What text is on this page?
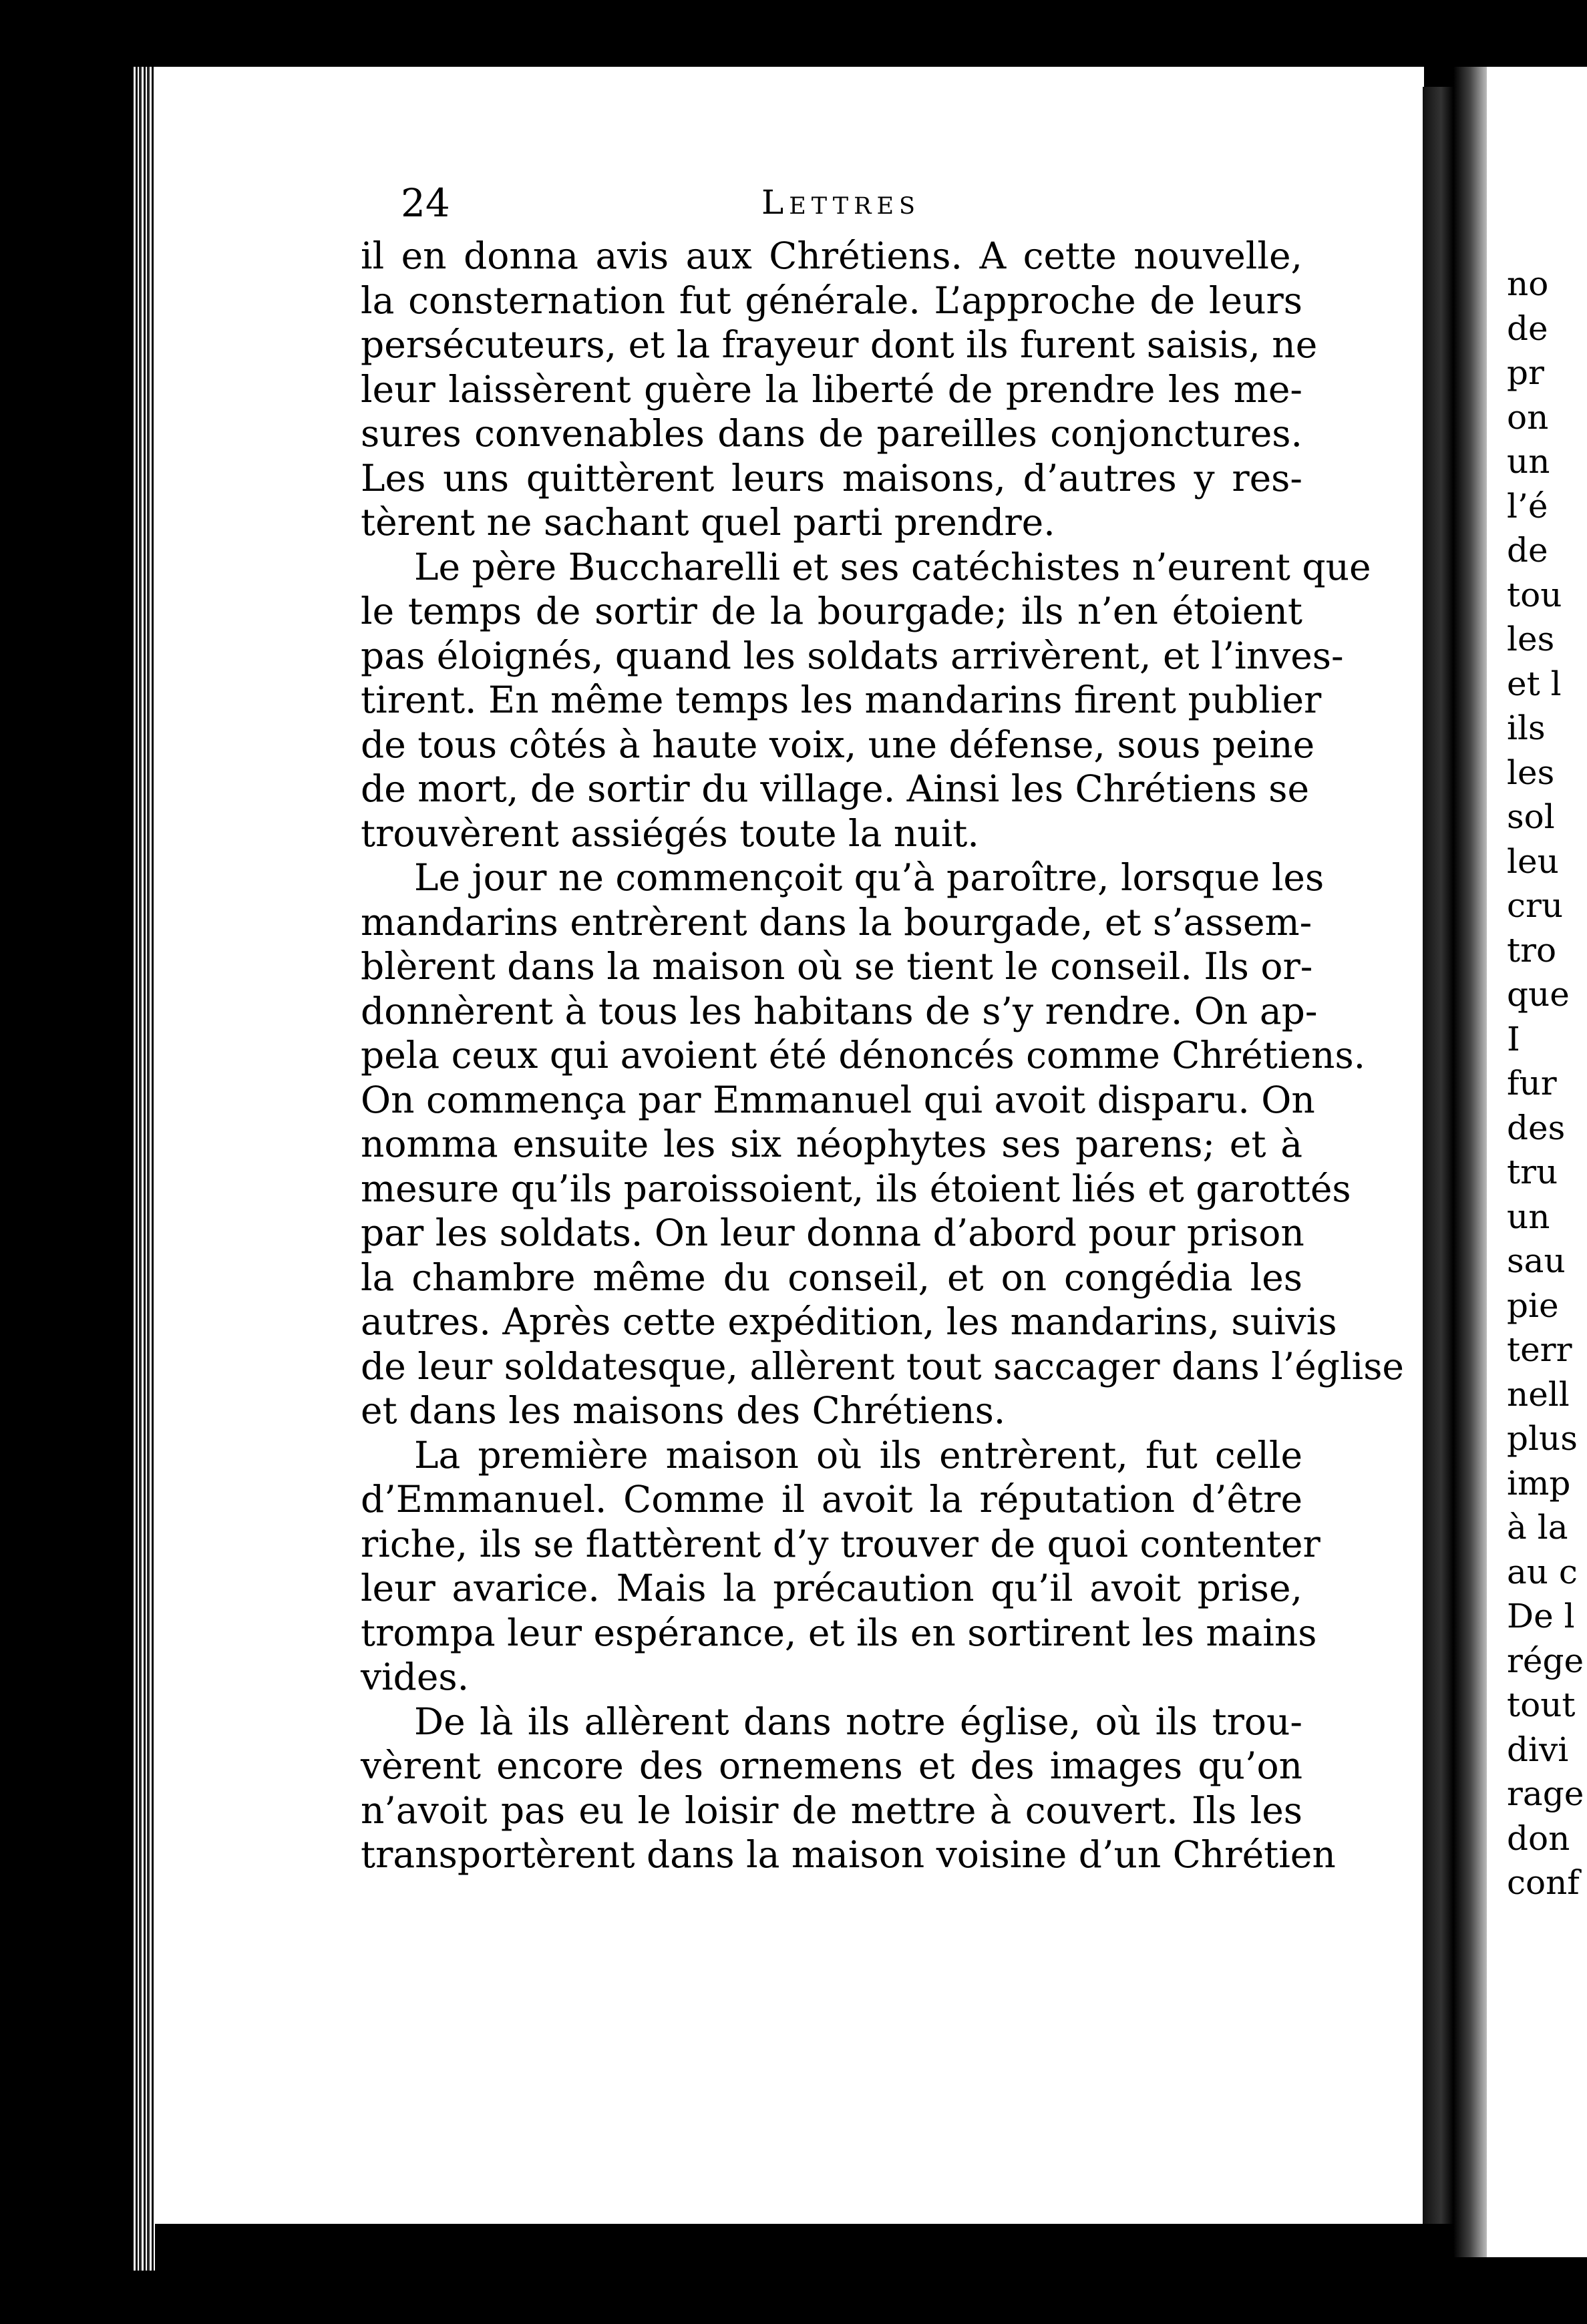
no
de
pr
on
un
l’é
de
tou
les
et l
ils
les
sol
leu
cru
tro
que
I
fur
des
tru
un
sau
pie
terr
nell
plus
imp
à la
au c
De l
rége
tout
divi
rage
don
conf
24	Lettres
il en donna avis aux Chrétiens. A cette nouvelle,
la consternation fut générale. L’approche de leurs
persécuteurs, et la frayeur dont ils furent saisis, ne
leur laissèrent guère la liberté de prendre les me-
sures convenables dans de pareilles conjonctures.
Les uns quittèrent leurs maisons, d’autres y res-
tèrent ne sachant quel parti prendre.
Le père Buccharelli et ses catéchistes n’eurent que
le temps de sortir de la bourgade; ils n’en étoient
pas éloignés, quand les soldats arrivèrent, et l’inves-
tirent. En même temps les mandarins firent publier
de tous côtés à haute voix, une défense, sous peine
de mort, de sortir du village. Ainsi les Chrétiens se
trouvèrent assiégés toute la nuit.
Le jour ne commençoit qu’à paroître, lorsque les
mandarins entrèrent dans la bourgade, et s’assem-
blèrent dans la maison où se tient le conseil. Ils or-
donnèrent à tous les habitans de s’y rendre. On ap-
pela ceux qui avoient été dénoncés comme Chrétiens.
On commença par Emmanuel qui avoit disparu. On
nomma ensuite les six néophytes ses parens; et à
mesure qu’ils paroissoient, ils étoient liés et garottés
par les soldats. On leur donna d’abord pour prison
la chambre même du conseil, et on congédia les
autres. Après cette expédition, les mandarins, suivis
de leur soldatesque, allèrent tout saccager dans l’église
et dans les maisons des Chrétiens.
La première maison où ils entrèrent, fut celle
d’Emmanuel. Comme il avoit la réputation d’être
riche, ils se flattèrent d’y trouver de quoi contenter
leur avarice. Mais la précaution qu’il avoit prise,
trompa leur espérance, et ils en sortirent les mains
vides.
De là ils allèrent dans notre église, où ils trou-
vèrent encore des ornemens et des images qu’on
n’avoit pas eu le loisir de mettre à couvert. Ils les
transportèrent dans la maison voisine d’un Chrétien
